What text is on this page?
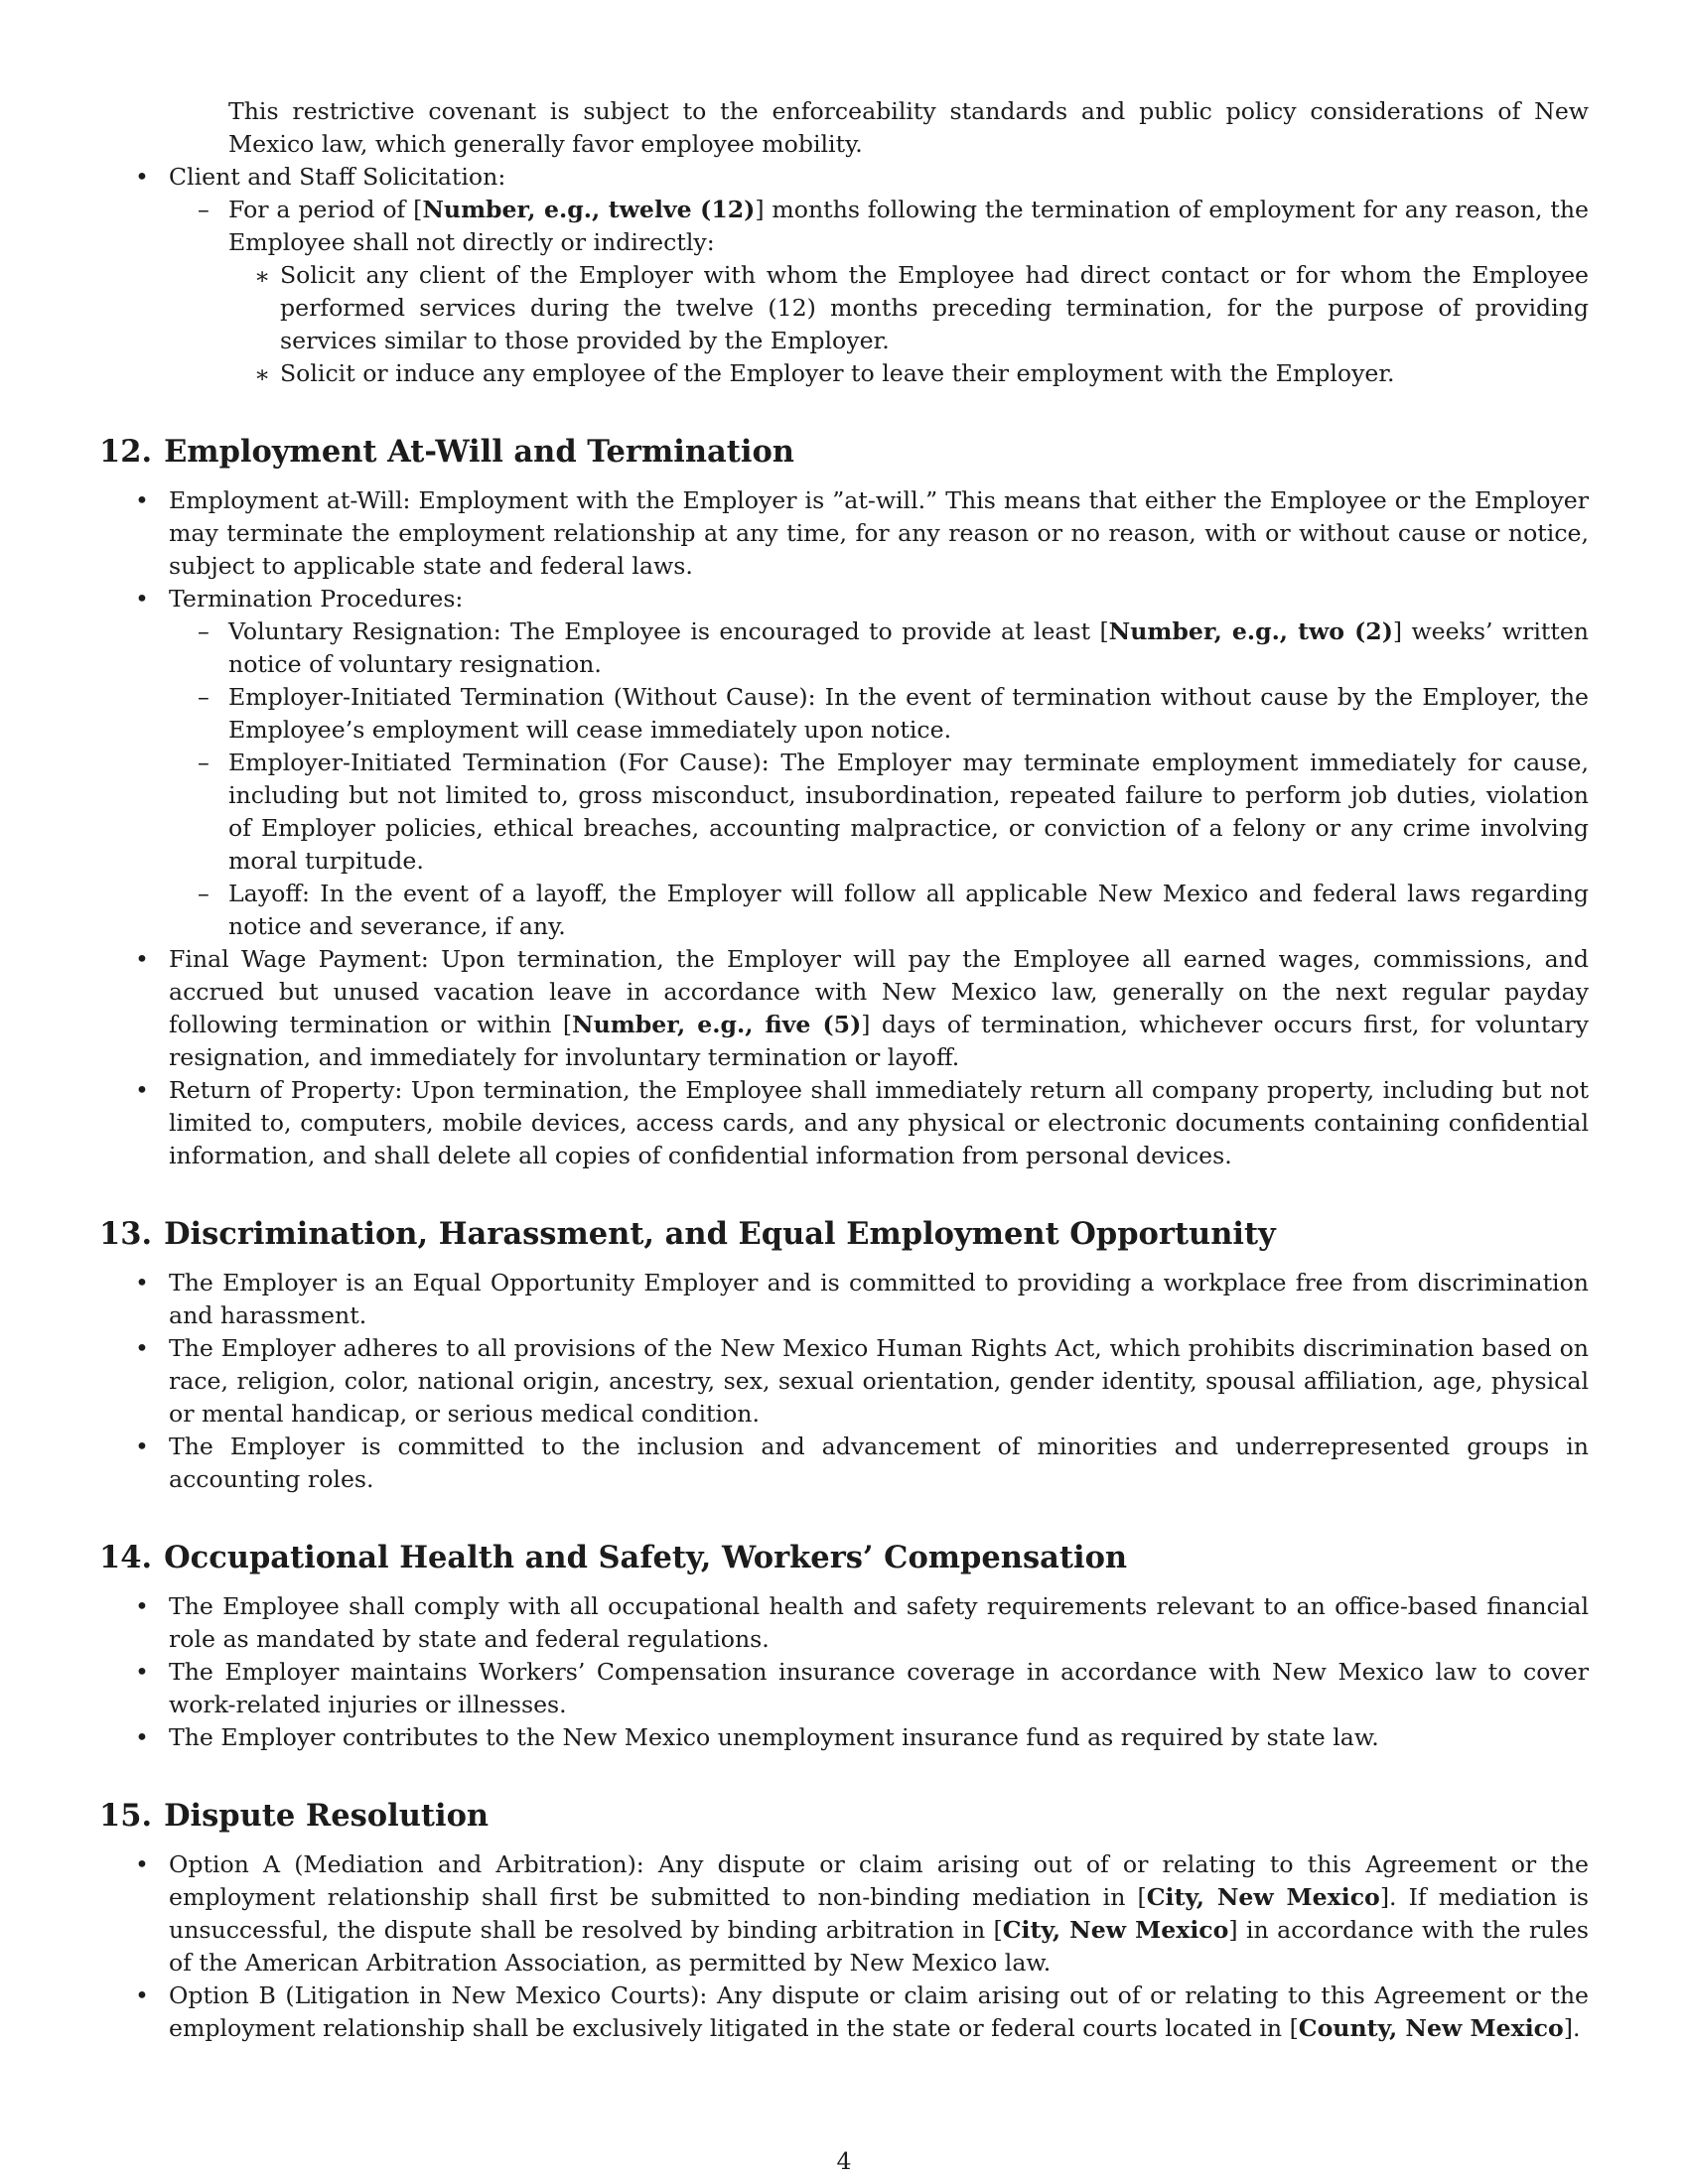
This restrictive covenant is subject to the enforceability standards and public policy considerations of New Mexico law, which generally favor employee mobility.

• Client and Staff Solicitation:
– For a period of [Number, e.g., twelve (12)] months following the termination of employment for any reason, the Employee shall not directly or indirectly:
∗ Solicit any client of the Employer with whom the Employee had direct contact or for whom the Employee performed services during the twelve (12) months preceding termination, for the purpose of providing services similar to those provided by the Employer.
∗ Solicit or induce any employee of the Employer to leave their employment with the Employer.
12. Employment At-Will and Termination
• Employment at-Will: Employment with the Employer is ”at-will.” This means that either the Employee or the Employer may terminate the employment relationship at any time, for any reason or no reason, with or without cause or notice, subject to applicable state and federal laws.
• Termination Procedures:
– Voluntary Resignation: The Employee is encouraged to provide at least [Number, e.g., two (2)] weeks’ written notice of voluntary resignation.
– Employer-Initiated Termination (Without Cause): In the event of termination without cause by the Employer, the Employee’s employment will cease immediately upon notice.
– Employer-Initiated Termination (For Cause): The Employer may terminate employment immediately for cause, including but not limited to, gross misconduct, insubordination, repeated failure to perform job duties, violation of Employer policies, ethical breaches, accounting malpractice, or conviction of a felony or any crime involving moral turpitude.
– Layoff: In the event of a layoff, the Employer will follow all applicable New Mexico and federal laws regarding notice and severance, if any.
• Final Wage Payment: Upon termination, the Employer will pay the Employee all earned wages, commissions, and accrued but unused vacation leave in accordance with New Mexico law, generally on the next regular payday following termination or within [Number, e.g., five (5)] days of termination, whichever occurs first, for voluntary resignation, and immediately for involuntary termination or layoff.
• Return of Property: Upon termination, the Employee shall immediately return all company property, including but not limited to, computers, mobile devices, access cards, and any physical or electronic documents containing confidential information, and shall delete all copies of confidential information from personal devices.
13. Discrimination, Harassment, and Equal Employment Opportunity
• The Employer is an Equal Opportunity Employer and is committed to providing a workplace free from discrimination and harassment.
• The Employer adheres to all provisions of the New Mexico Human Rights Act, which prohibits discrimination based on race, religion, color, national origin, ancestry, sex, sexual orientation, gender identity, spousal affiliation, age, physical or mental handicap, or serious medical condition.
• The Employer is committed to the inclusion and advancement of minorities and underrepresented groups in accounting roles.
14. Occupational Health and Safety, Workers’ Compensation
• The Employee shall comply with all occupational health and safety requirements relevant to an office-based financial role as mandated by state and federal regulations.
• The Employer maintains Workers’ Compensation insurance coverage in accordance with New Mexico law to cover work-related injuries or illnesses.
• The Employer contributes to the New Mexico unemployment insurance fund as required by state law.
15. Dispute Resolution
• Option A (Mediation and Arbitration): Any dispute or claim arising out of or relating to this Agreement or the employment relationship shall first be submitted to non-binding mediation in [City, New Mexico]. If mediation is unsuccessful, the dispute shall be resolved by binding arbitration in [City, New Mexico] in accordance with the rules of the American Arbitration Association, as permitted by New Mexico law.
• Option B (Litigation in New Mexico Courts): Any dispute or claim arising out of or relating to this Agreement or the employment relationship shall be exclusively litigated in the state or federal courts located in [County, New Mexico].
4
